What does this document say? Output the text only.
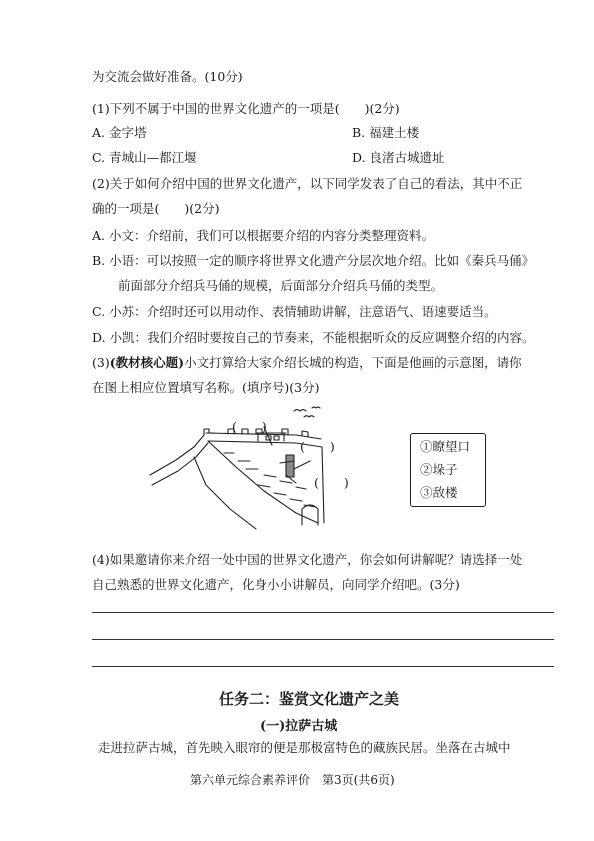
为交流会做好准备。(10分)
(1)下列不属于中国的世界文化遗产的一项是(　　)(2分)
A. 金字塔	B. 福建土楼
C. 青城山—都江堰	D. 良渚古城遗址
(2)关于如何介绍中国的世界文化遗产，以下同学发表了自己的看法，其中不正
确的一项是(　　)(2分)
A. 小文：介绍前，我们可以根据要介绍的内容分类整理资料。
B. 小语：可以按照一定的顺序将世界文化遗产分层次地介绍。比如《秦兵马俑》
前面部分介绍兵马俑的规模，后面部分介绍兵马俑的类型。
C. 小苏：介绍时还可以用动作、表情辅助讲解，注意语气、语速要适当。
D. 小凯：我们介绍时要按自己的节奏来，不能根据听众的反应调整介绍的内容。
(3)(教材核心题)小文打算给大家介绍长城的构造，下面是他画的示意图，请你
在图上相应位置填写名称。(填序号)(3分)
(　　)
(　　)
(　　)
①瞭望口
②垛子
③敌楼
(4)如果邀请你来介绍一处中国的世界文化遗产，你会如何讲解呢？请选择一处
自己熟悉的世界文化遗产，化身小小讲解员，向同学介绍吧。(3分)
任务二：鉴赏文化遗产之美
(一)拉萨古城
走进拉萨古城，首先映入眼帘的便是那极富特色的藏族民居。坐落在古城中
第六单元综合素养评价　第3页(共6页)
